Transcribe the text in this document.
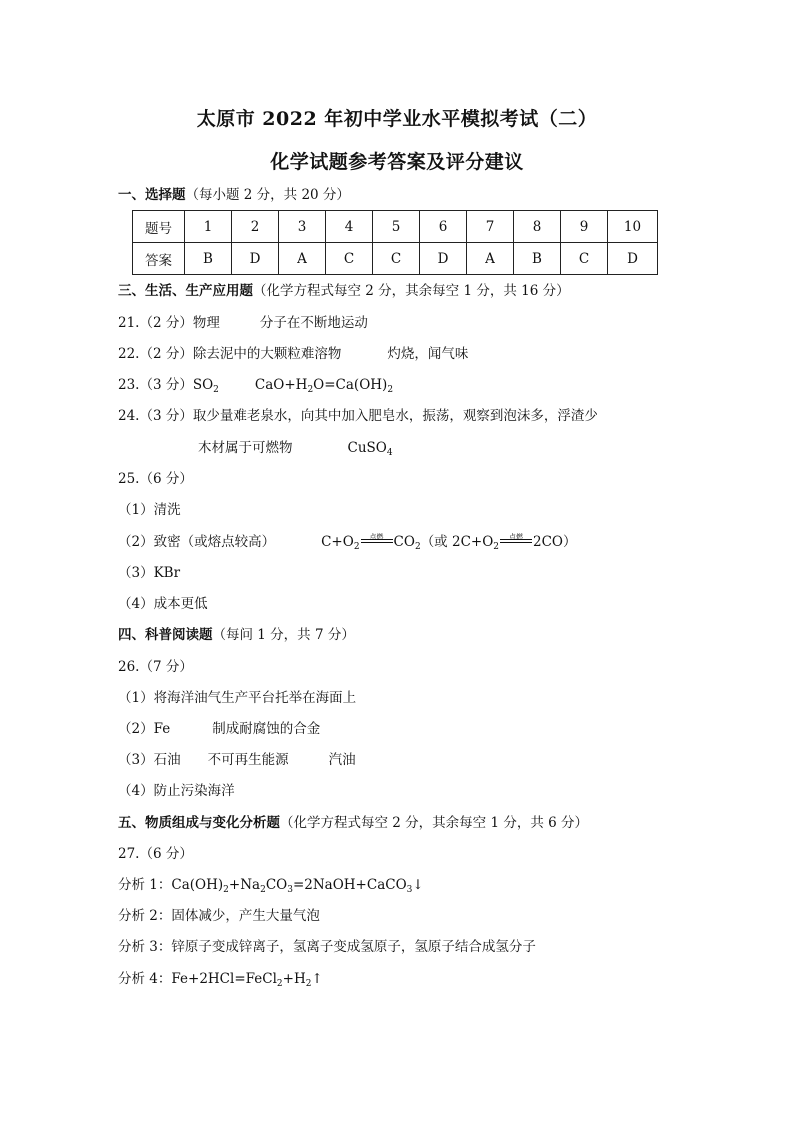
太原市 2022 年初中学业水平模拟考试（二）
化学试题参考答案及评分建议
一、选择题（每小题 2 分，共 20 分）
题号	1	2	3	4	5	6	7	8	9	10
答案	B	D	A	C	C	D	A	B	C	D
三、生活、生产应用题（化学方程式每空 2 分，其余每空 1 分，共 16 分）
21.（2 分）物理	分子在不断地运动
22.（2 分）除去泥中的大颗粒难溶物	灼烧，闻气味
23.（3 分）$SO_2$	$CaO+H_2O=Ca(OH)_2$
24.（3 分）取少量难老泉水，向其中加入肥皂水，振荡，观察到泡沫多，浮渣少
木材属于可燃物	CuSO$_4$
25.（6 分）
（1）清洗
（2）致密（或熔点较高）	$C+O_2$
点燃 $CO_2$（或 $2C+O_2$
点燃 2CO）
（3）KBr
（4）成本更低
四、科普阅读题（每问 1 分，共 7 分）
26.（7 分）
（1）将海洋油气生产平台托举在海面上
（2）Fe	制成耐腐蚀的合金
（3）石油 不可再生能源	汽油
（4）防止污染海洋
五、物质组成与变化分析题（化学方程式每空 2 分，其余每空 1 分，共 6 分）
27.（6 分）
分析 1：$Ca(OH)_2+Na_2CO_3=2NaOH+CaCO_3↓$
分析 2：固体减少，产生大量气泡
分析 3：锌原子变成锌离子，氢离子变成氢原子，氢原子结合成氢分子
分析 4：$Fe+2HCl=FeCl_2+H_2↑$
